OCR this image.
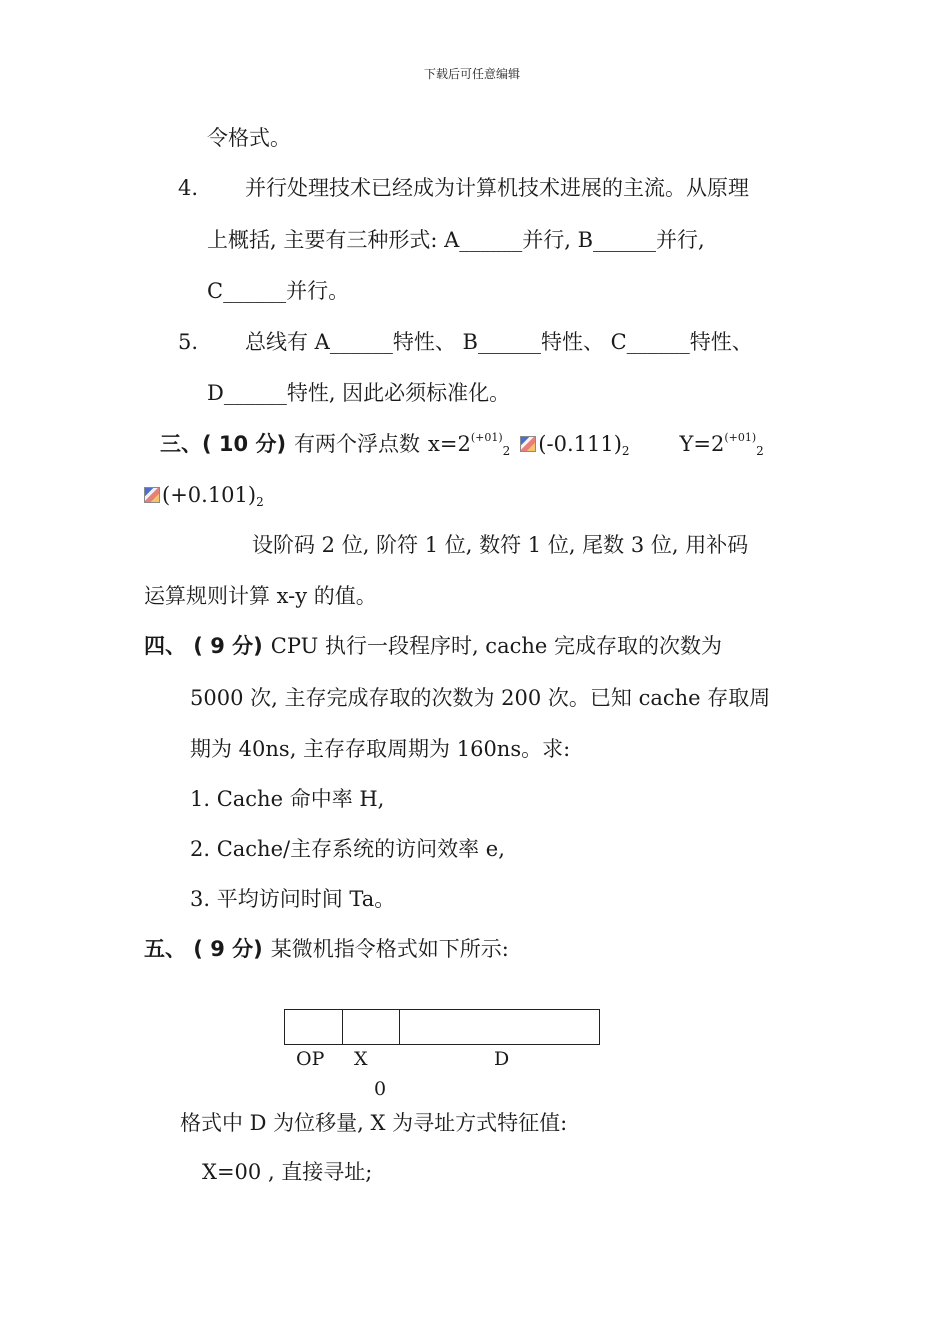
下载后可任意编辑
令格式。
4. 并行处理技术已经成为计算机技术进展的主流。从原理
上概括, 主要有三种形式: A______并行, B______并行,
C______并行。
5. 总线有 A______特性、 B______特性、 C______特性、
D______特性, 因此必须标准化。
三、( 10 分) 有两个浮点数 $x=2^{(+01)}_2$ $(-0.111)_2$ $Y=2^{(+01)}_2$
$(+0.101)_2$
设阶码 2 位, 阶符 1 位, 数符 1 位, 尾数 3 位, 用补码
运算规则计算 x-y 的值。
四、 ( 9 分) CPU 执行一段程序时, cache 完成存取的次数为
5000 次, 主存完成存取的次数为 200 次。已知 cache 存取周
期为 40ns, 主存存取周期为 160ns。求:
1. Cache 命中率 H,
2. Cache/主存系统的访问效率 e,
3. 平均访问时间 Ta。
五、 ( 9 分) 某微机指令格式如下所示:
OP X	D
0
格式中 D 为位移量, X 为寻址方式特征值:
X=00 , 直接寻址;
